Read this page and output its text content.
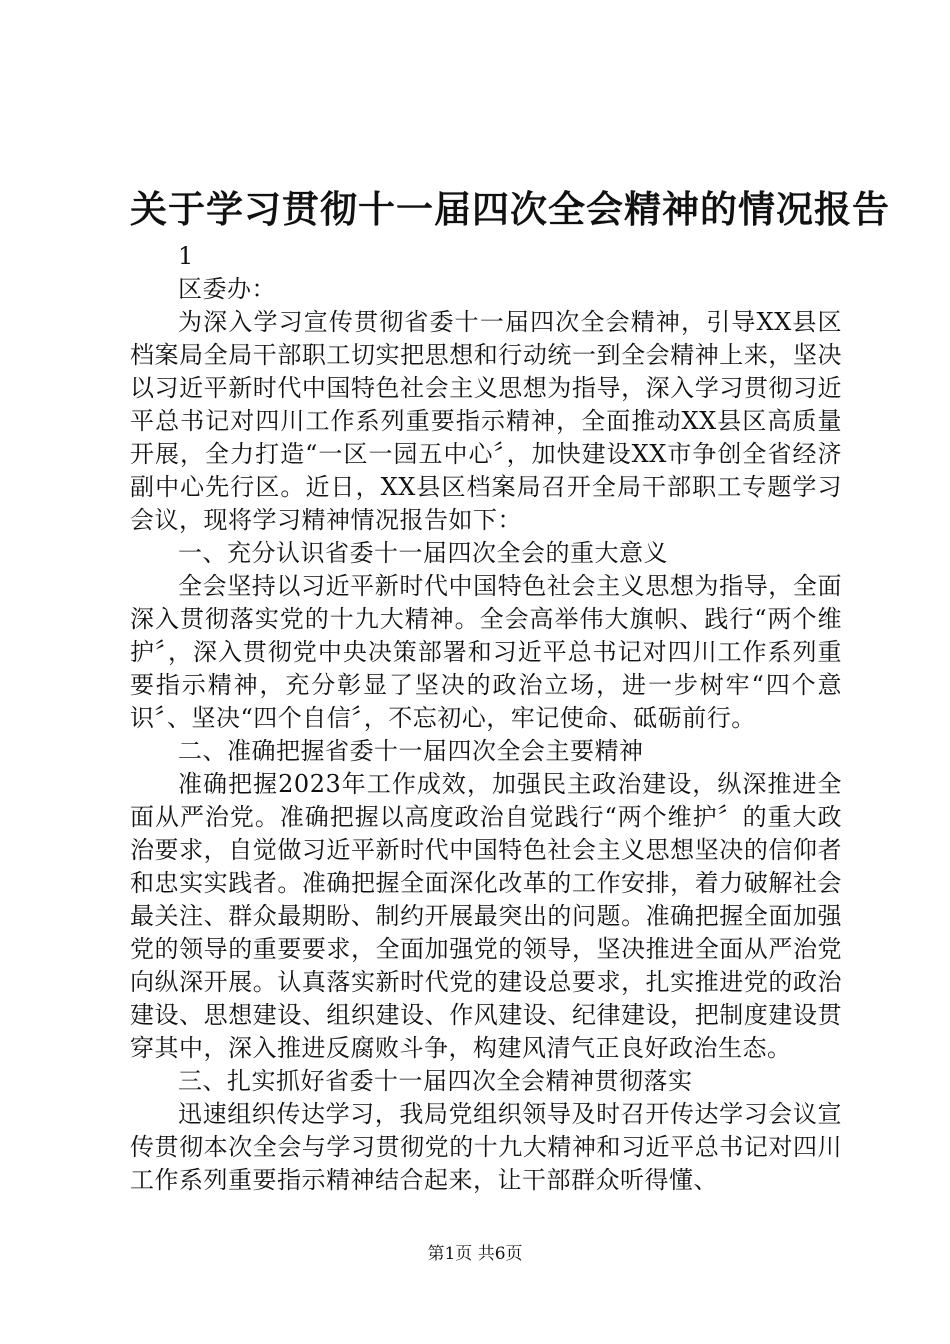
关于学习贯彻十一届四次全会精神的情况报告

1

区委办：

为深入学习宣传贯彻省委十一届四次全会精神，引导XX县区档案局全局干部职工切实把思想和行动统一到全会精神上来，坚决以习近平新时代中国特色社会主义思想为指导，深入学习贯彻习近平总书记对四川工作系列重要指示精神，全面推动XX县区高质量开展，全力打造“一区一园五中心〞，加快建设XX市争创全省经济副中心先行区。近日，XX县区档案局召开全局干部职工专题学习会议，现将学习精神情况报告如下：

一、充分认识省委十一届四次全会的重大意义

全会坚持以习近平新时代中国特色社会主义思想为指导，全面深入贯彻落实党的十九大精神。全会高举伟大旗帜、践行“两个维护〞，深入贯彻党中央决策部署和习近平总书记对四川工作系列重要指示精神，充分彰显了坚决的政治立场，进一步树牢“四个意识〞、坚决“四个自信〞，不忘初心，牢记使命、砥砺前行。

二、准确把握省委十一届四次全会主要精神

准确把握2023年工作成效，加强民主政治建设，纵深推进全面从严治党。准确把握以高度政治自觉践行“两个维护〞的重大政治要求，自觉做习近平新时代中国特色社会主义思想坚决的信仰者和忠实实践者。准确把握全面深化改革的工作安排，着力破解社会最关注、群众最期盼、制约开展最突出的问题。准确把握全面加强党的领导的重要要求，全面加强党的领导，坚决推进全面从严治党向纵深开展。认真落实新时代党的建设总要求，扎实推进党的政治建设、思想建设、组织建设、作风建设、纪律建设，把制度建设贯穿其中，深入推进反腐败斗争，构建风清气正良好政治生态。

三、扎实抓好省委十一届四次全会精神贯彻落实

迅速组织传达学习，我局党组织领导及时召开传达学习会议宣传贯彻本次全会与学习贯彻党的十九大精神和习近平总书记对四川工作系列重要指示精神结合起来，让干部群众听得懂、

第1页 共6页
